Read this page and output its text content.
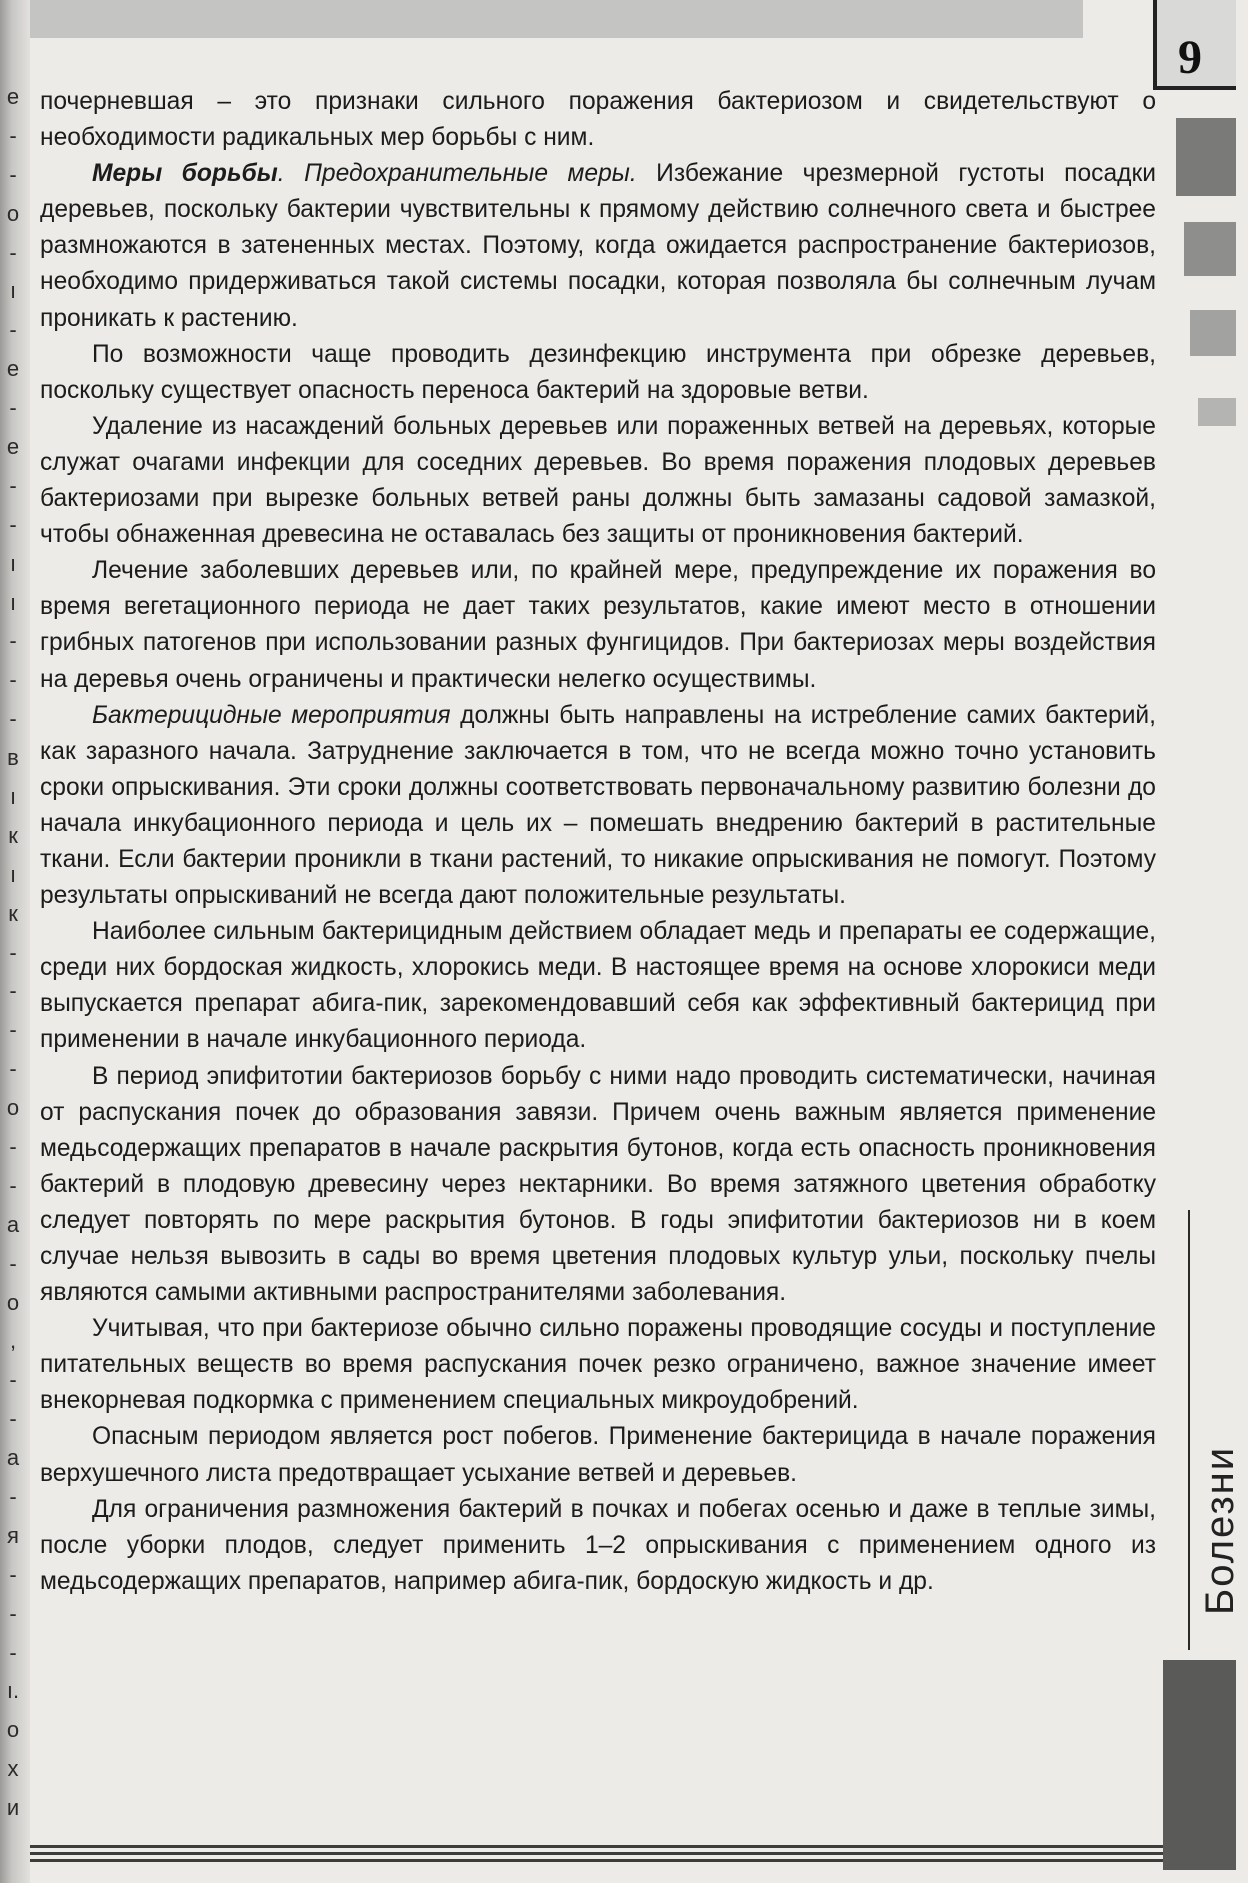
е
-
-
о
-
ı
-
е
-
е
-
-
ı
ı
-
-
-
в
ı
к
ı
к
-
-
-
-
о
-
-
а
-
о
,
-
-
а
-
я
-
-
-
ı.
о
х
и
9
Болезни

почерневшая – это признаки сильного поражения бактериозом и свидетельствуют о необходимости радикальных мер борьбы с ним.

Меры борьбы. Предохранительные меры. Избежание чрезмерной густоты посадки деревьев, поскольку бактерии чувствительны к прямому действию солнечного света и быстрее размножаются в затененных местах. Поэтому, когда ожидается распространение бактериозов, необходимо придерживаться такой системы посадки, которая позволяла бы солнечным лучам проникать к растению.

По возможности чаще проводить дезинфекцию инструмента при обрезке деревьев, поскольку существует опасность переноса бактерий на здоровые ветви.

Удаление из насаждений больных деревьев или пораженных ветвей на деревьях, которые служат очагами инфекции для соседних деревьев. Во время поражения плодовых деревьев бактериозами при вырезке больных ветвей раны должны быть замазаны садовой замазкой, чтобы обнаженная древесина не оставалась без защиты от проникновения бактерий.

Лечение заболевших деревьев или, по крайней мере, предупреждение их поражения во время вегетационного периода не дает таких результатов, какие имеют место в отношении грибных патогенов при использовании разных фунгицидов. При бактериозах меры воздействия на деревья очень ограничены и практически нелегко осуществимы.

Бактерицидные мероприятия должны быть направлены на истребление самих бактерий, как заразного начала. Затруднение заключается в том, что не всегда можно точно установить сроки опрыскивания. Эти сроки должны соответствовать первоначальному развитию болезни до начала инкубационного периода и цель их – помешать внедрению бактерий в растительные ткани. Если бактерии проникли в ткани растений, то никакие опрыскивания не помогут. Поэтому результаты опрыскиваний не всегда дают положительные результаты.

Наиболее сильным бактерицидным действием обладает медь и препараты ее содержащие, среди них бордоская жидкость, хлорокись меди. В настоящее время на основе хлорокиси меди выпускается препарат абига-пик, зарекомендовавший себя как эффективный бактерицид при применении в начале инкубационного периода.

В период эпифитотии бактериозов борьбу с ними надо проводить систематически, начиная от распускания почек до образования завязи. Причем очень важным является применение медьсодержащих препаратов в начале раскрытия бутонов, когда есть опасность проникновения бактерий в плодовую древесину через нектарники. Во время затяжного цветения обработку следует повторять по мере раскрытия бутонов. В годы эпифитотии бактериозов ни в коем случае нельзя вывозить в сады во время цветения плодовых культур ульи, поскольку пчелы являются самыми активными распространителями заболевания.

Учитывая, что при бактериозе обычно сильно поражены проводящие сосуды и поступление питательных веществ во время распускания почек резко ограничено, важное значение имеет внекорневая подкормка с применением специальных микроудобрений.

Опасным периодом является рост побегов. Применение бактерицида в начале поражения верхушечного листа предотвращает усыхание ветвей и деревьев.

Для ограничения размножения бактерий в почках и побегах осенью и даже в теплые зимы, после уборки плодов, следует применить 1–2 опрыскивания с применением одного из медьсодержащих препаратов, например абига-пик, бордоскую жидкость и др.
